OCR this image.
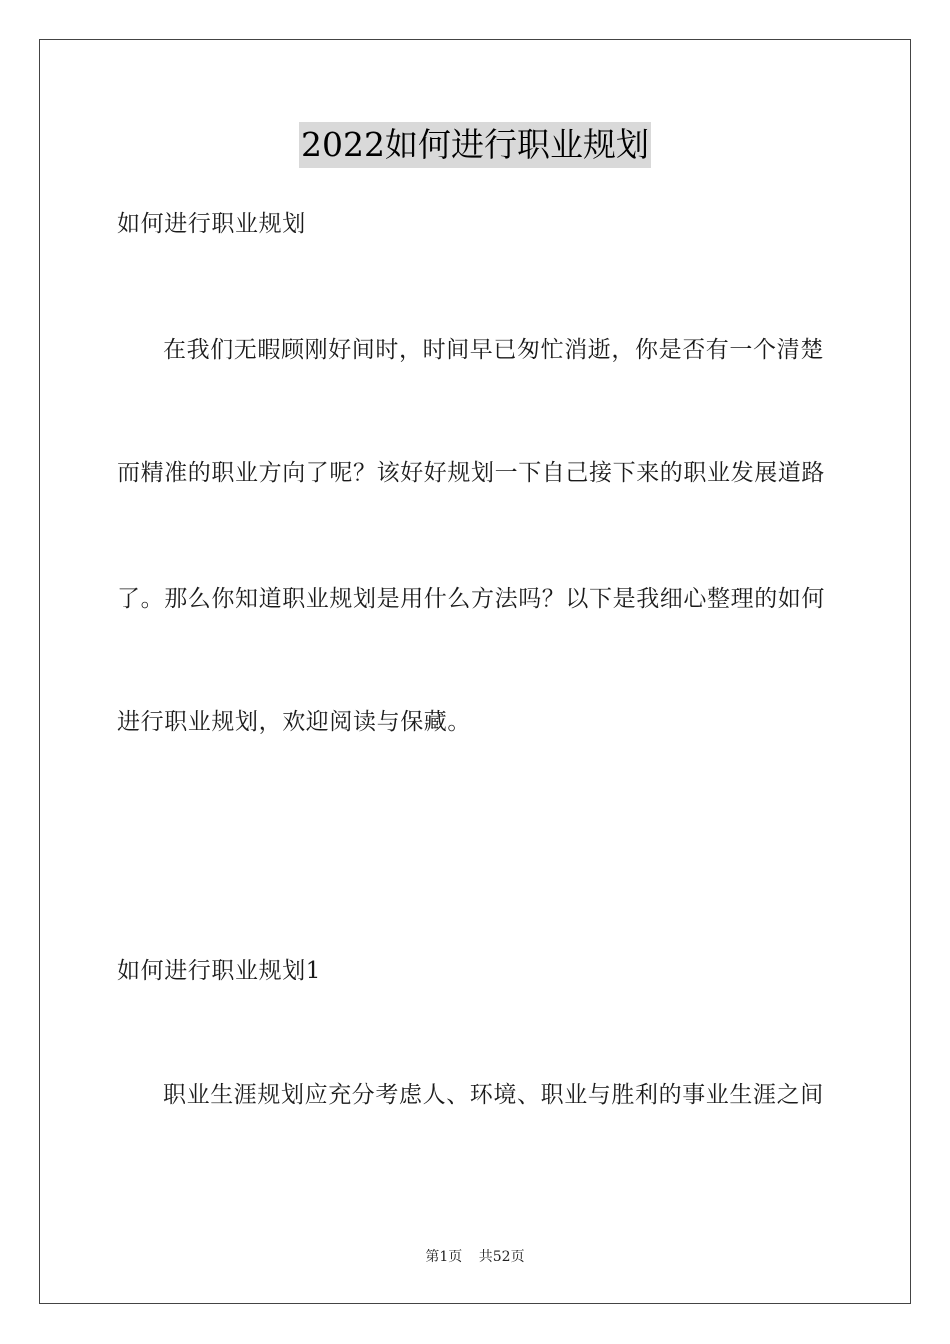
2022如何进行职业规划
如何进行职业规划
在我们无暇顾刚好间时，时间早已匆忙消逝，你是否有一个清楚
而精准的职业方向了呢？该好好规划一下自己接下来的职业发展道路
了。那么你知道职业规划是用什么方法吗？以下是我细心整理的如何
进行职业规划，欢迎阅读与保藏。
如何进行职业规划1
职业生涯规划应充分考虑人、环境、职业与胜利的事业生涯之间
第1页 共52页
